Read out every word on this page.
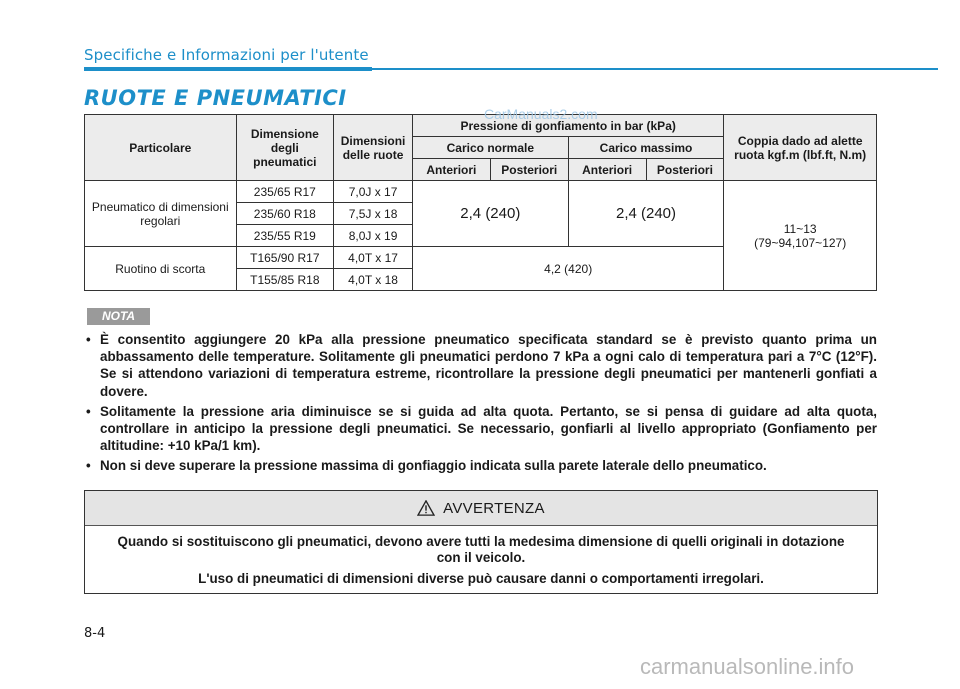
Specifiche e Informazioni per l'utente
RUOTE E PNEUMATICI
Particolare	Dimensione degli pneumatici	Dimensioni delle ruote	Pressione di gonfiamento in bar (kPa)				Coppia dado ad alette ruota kgf.m (lbf.ft, N.m)
			Carico normale		Carico massimo		
			Anteriori	Posteriori	Anteriori	Posteriori	
Pneumatico di dimensioni regolari	235/65 R17	7,0J x 17	2,4 (240)		2,4 (240)		11~13
(79~94,107~127)

	235/60 R18	7,5J x 18					
	235/55 R19	8,0J x 19					
Ruotino di scorta	T165/90 R17	4,0T x 17	4,2 (420)				
	T155/85 R18	4,0T x 18					
CarManuals2.com
NOTA
• È consentito aggiungere 20 kPa alla pressione pneumatico specificata standard se è previsto quanto prima un abbassamento delle temperature. Solitamente gli pneumatici perdono 7 kPa a ogni calo di temperatura pari a 7°C (12°F). Se si attendono variazioni di temperatura estreme, ricontrollare la pressione degli pneumatici per mantenerli gonfiati a dovere.
• Solitamente la pressione aria diminuisce se si guida ad alta quota. Pertanto, se si pensa di guidare ad alta quota, controllare in anticipo la pressione degli pneumatici. Se necessario, gonfiarli al livello appropriato (Gonfiamento per altitudine: +10 kPa/1 km).
• Non si deve superare la pressione massima di gonfiaggio indicata sulla parete laterale dello pneumatico.
AVVERTENZA

Quando si sostituiscono gli pneumatici, devono avere tutti la medesima dimensione di quelli originali in dotazione con il veicolo.

L'uso di pneumatici di dimensioni diverse può causare danni o comportamenti irregolari.

8-4
carmanualsonline.info
